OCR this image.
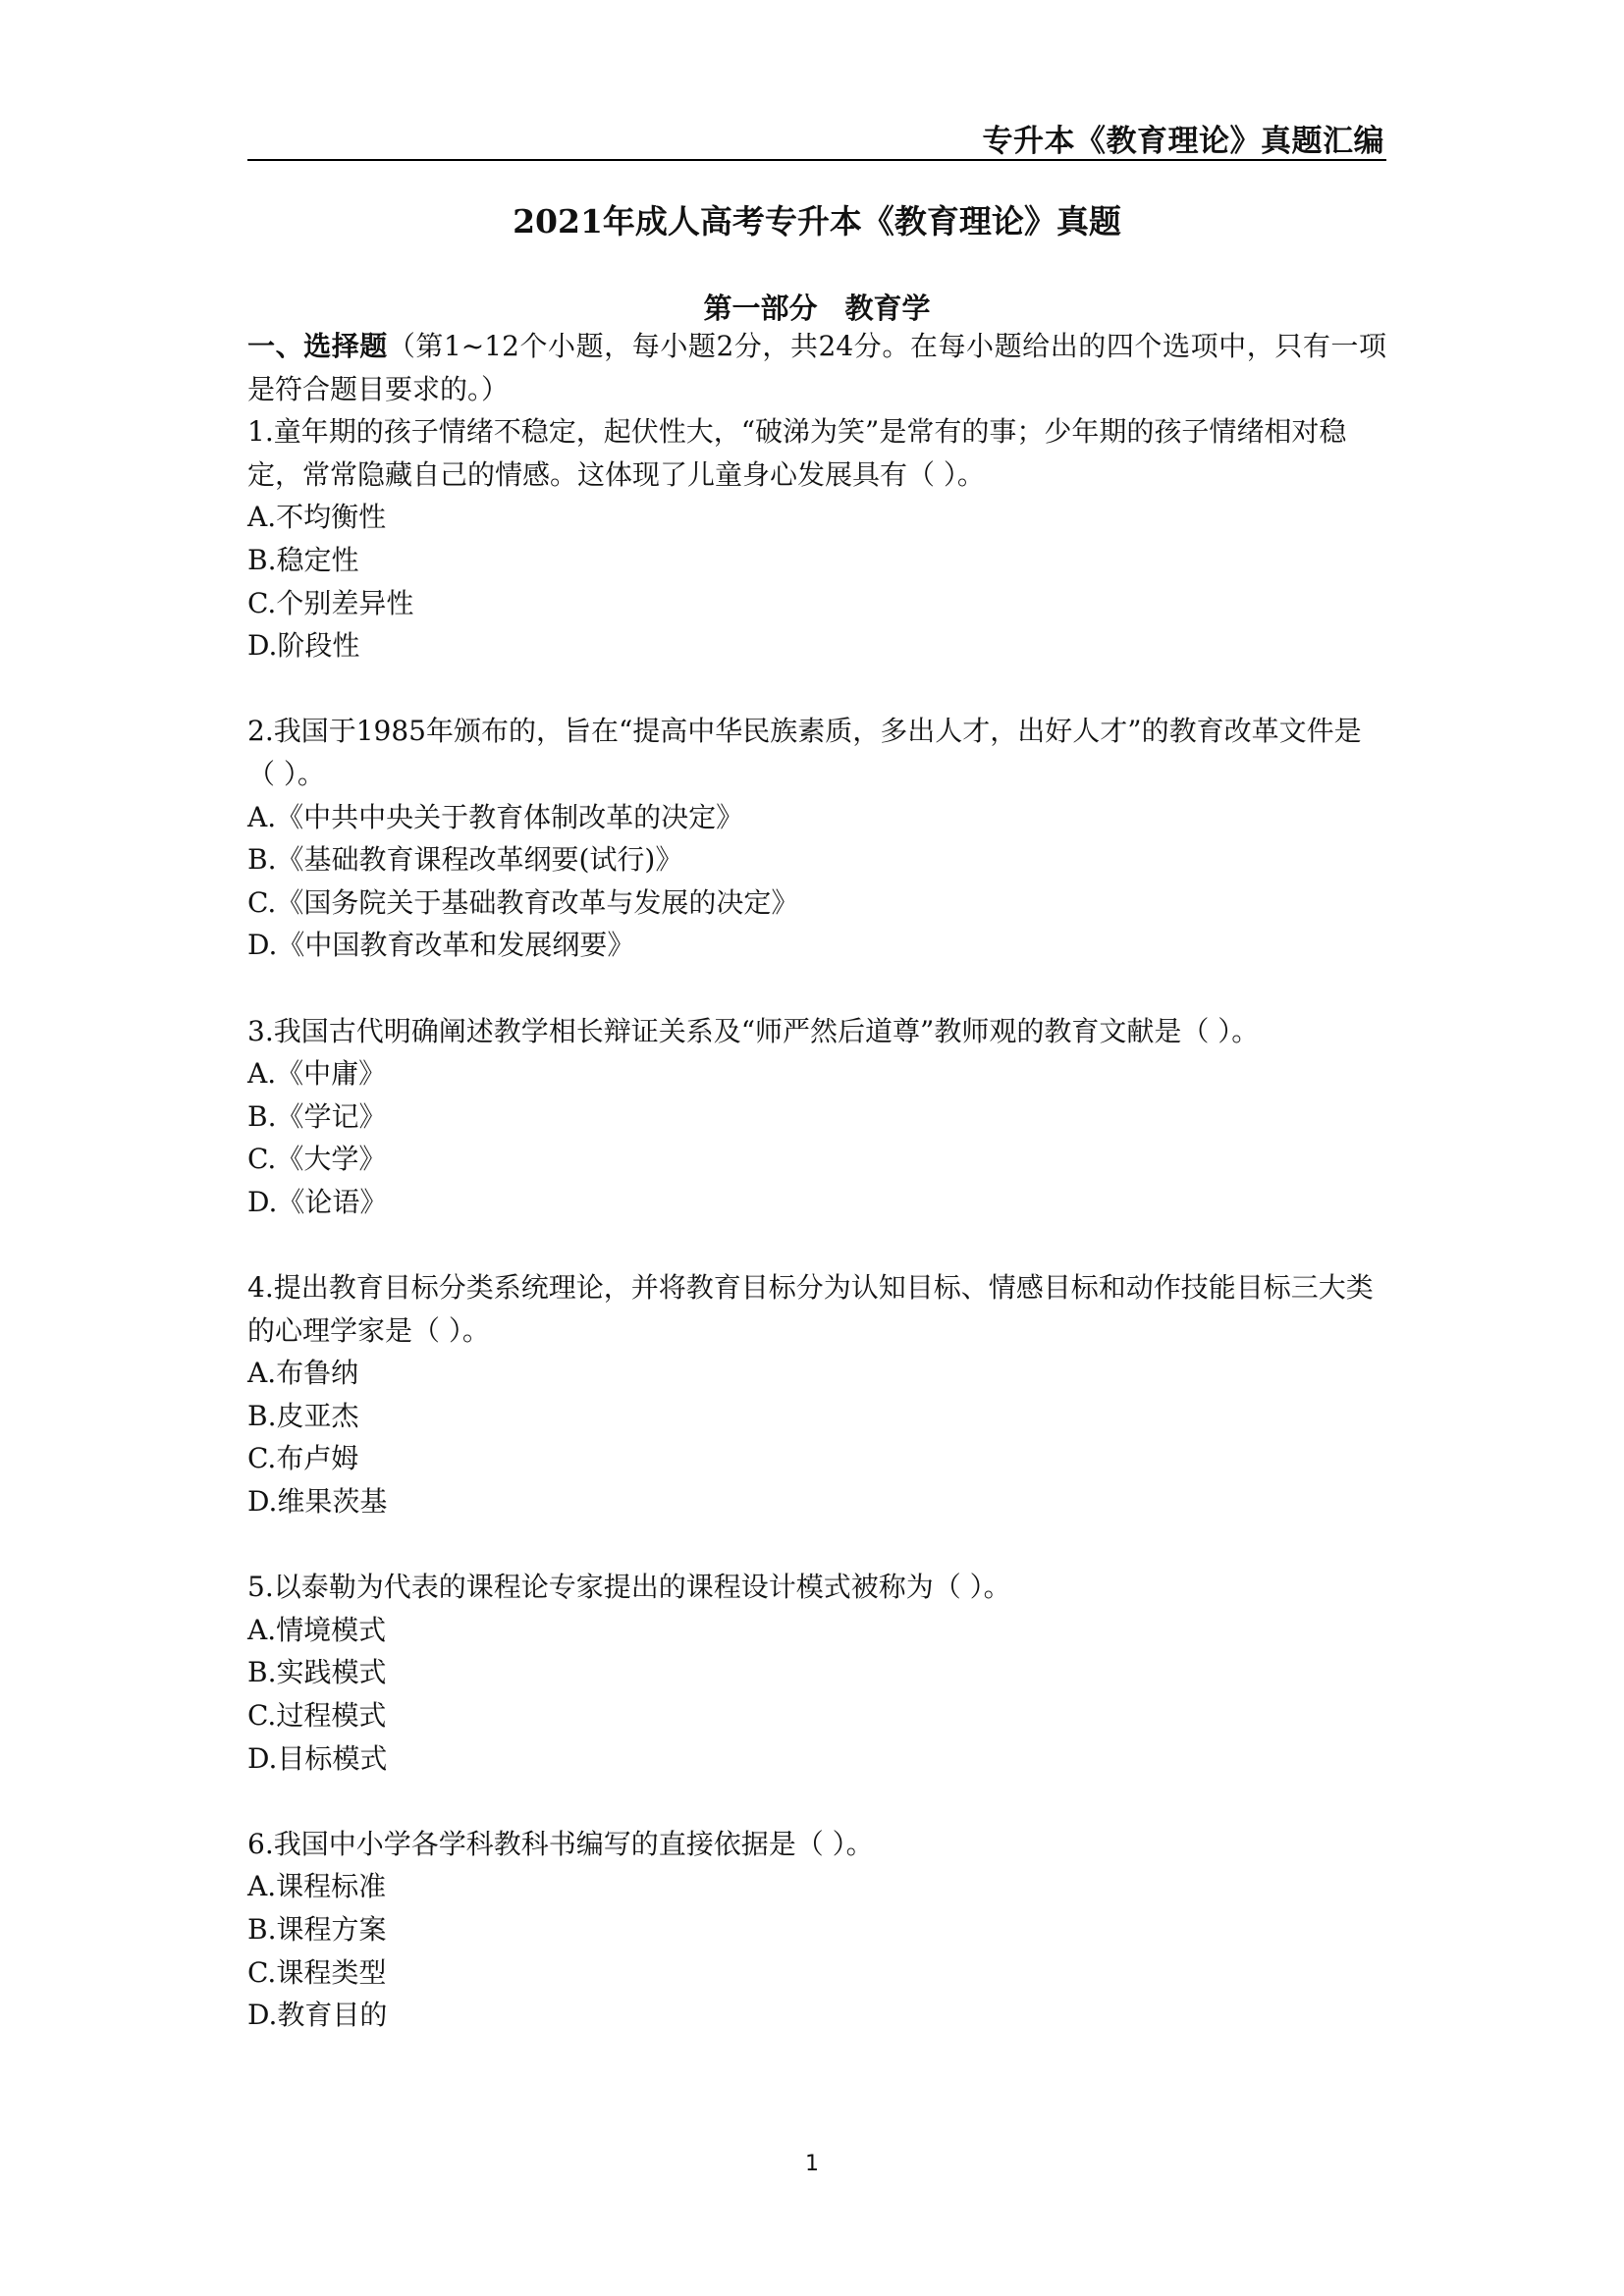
专升本《教育理论》真题汇编
2021年成人高考专升本《教育理论》真题
第一部分 教育学

一、选择题（第1~12个小题，每小题2分，共24分。在每小题给出的四个选项中，只有一项是符合题目要求的。）

1.童年期的孩子情绪不稳定，起伏性大，“破涕为笑”是常有的事；少年期的孩子情绪相对稳定，常常隐藏自己的情感。这体现了儿童身心发展具有（ ）。

A.不均衡性

B.稳定性

C.个别差异性

D.阶段性

2.我国于1985年颁布的，旨在“提高中华民族素质，多出人才，出好人才”的教育改革文件是（ ）。

A.《中共中央关于教育体制改革的决定》

B.《基础教育课程改革纲要(试行)》

C.《国务院关于基础教育改革与发展的决定》

D.《中国教育改革和发展纲要》

3.我国古代明确阐述教学相长辩证关系及“师严然后道尊”教师观的教育文献是（ ）。

A.《中庸》

B.《学记》

C.《大学》

D.《论语》

4.提出教育目标分类系统理论，并将教育目标分为认知目标、情感目标和动作技能目标三大类的心理学家是（ ）。

A.布鲁纳

B.皮亚杰

C.布卢姆

D.维果茨基

5.以泰勒为代表的课程论专家提出的课程设计模式被称为（ ）。

A.情境模式

B.实践模式

C.过程模式

D.目标模式

6.我国中小学各学科教科书编写的直接依据是（ ）。

A.课程标准

B.课程方案

C.课程类型

D.教育目的

1
